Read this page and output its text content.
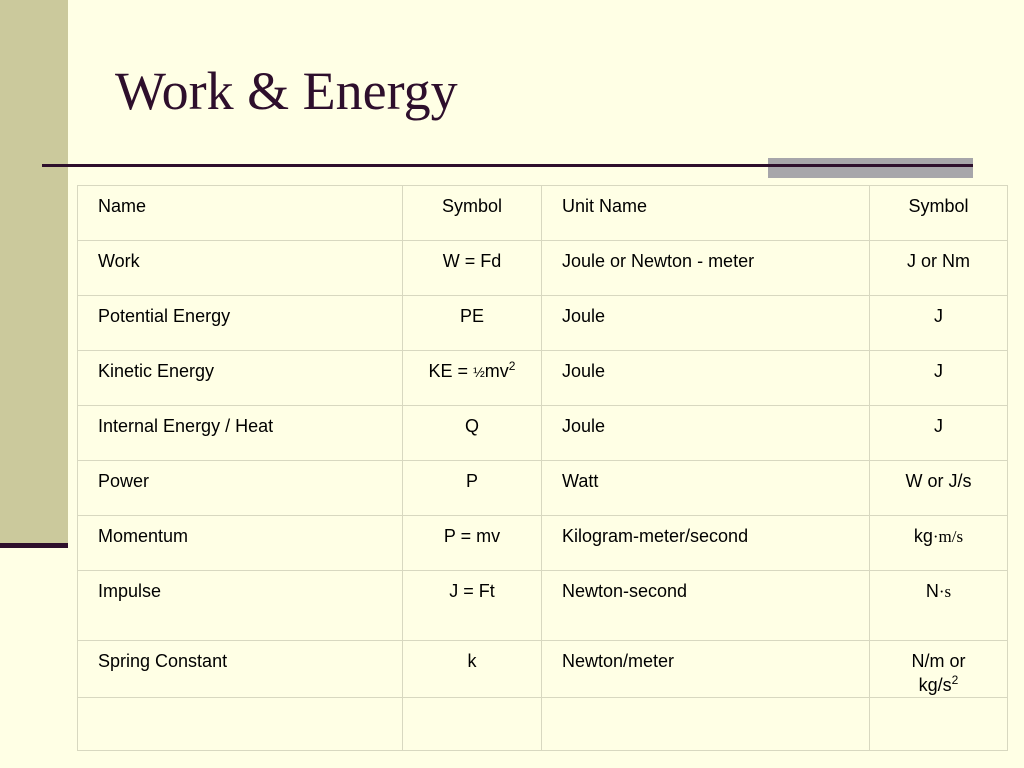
Work & Energy
Name	Symbol	Unit Name	Symbol
Work	W = Fd	Joule or Newton - meter	J or Nm
Potential Energy	PE	Joule	J
Kinetic Energy	KE = $\frac{1}{2}mv^2$	Joule	J
Internal Energy / Heat	Q	Joule	J
Power	P	Watt	W or J/s
Momentum	P = mv	Kilogram-meter/second	kg·m/s
Impulse	J = Ft	Newton-second	N·s
Spring Constant	k	Newton/meter	N/m or
$kg/s^2$
